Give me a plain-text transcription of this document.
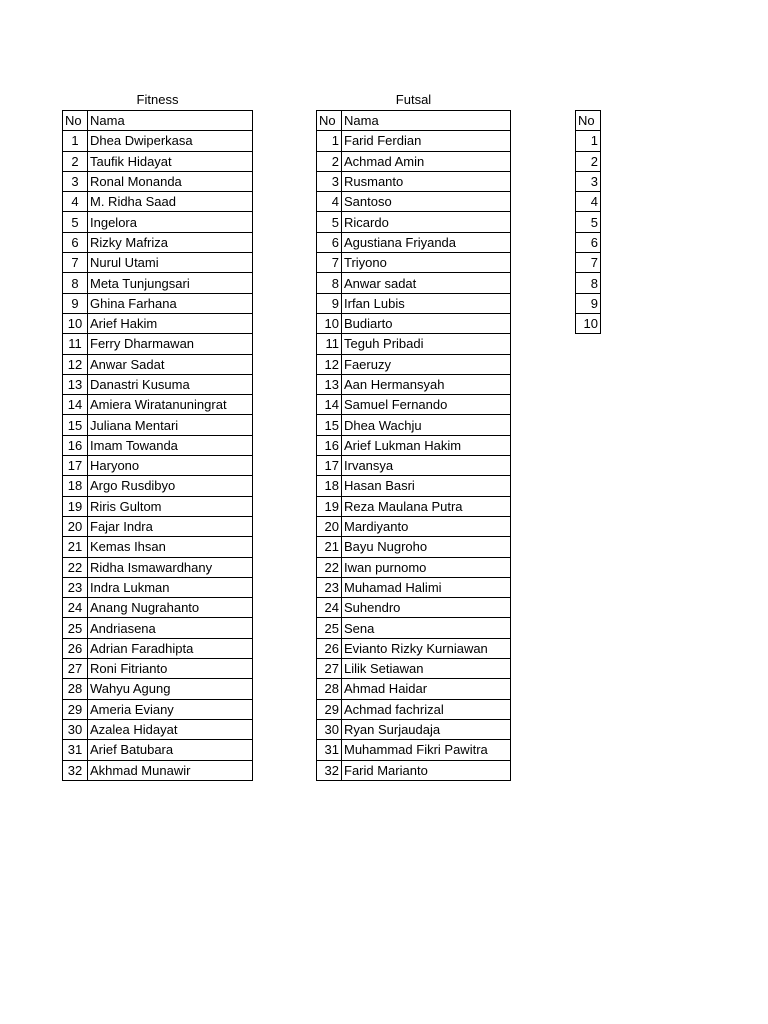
Fitness
No	Nama
1	Dhea Dwiperkasa
2	Taufik Hidayat
3	Ronal Monanda
4	M. Ridha Saad
5	Ingelora
6	Rizky Mafriza
7	Nurul Utami
8	Meta Tunjungsari
9	Ghina Farhana
10	Arief Hakim
11	Ferry Dharmawan
12	Anwar Sadat
13	Danastri Kusuma
14	Amiera Wiratanuningrat
15	Juliana Mentari
16	Imam Towanda
17	Haryono
18	Argo Rusdibyo
19	Riris Gultom
20	Fajar Indra
21	Kemas Ihsan
22	Ridha Ismawardhany
23	Indra Lukman
24	Anang Nugrahanto
25	Andriasena
26	Adrian Faradhipta
27	Roni Fitrianto
28	Wahyu Agung
29	Ameria Eviany
30	Azalea Hidayat
31	Arief Batubara
32	Akhmad Munawir
Futsal
No	Nama
1	Farid Ferdian
2	Achmad Amin
3	Rusmanto
4	Santoso
5	Ricardo
6	Agustiana Friyanda
7	Triyono
8	Anwar sadat
9	Irfan Lubis
10	Budiarto
11	Teguh Pribadi
12	Faeruzy
13	Aan Hermansyah
14	Samuel Fernando
15	Dhea Wachju
16	Arief Lukman Hakim
17	Irvansya
18	Hasan Basri
19	Reza Maulana Putra
20	Mardiyanto
21	Bayu Nugroho
22	Iwan purnomo
23	Muhamad Halimi
24	Suhendro
25	Sena
26	Evianto Rizky Kurniawan
27	Lilik Setiawan
28	Ahmad Haidar
29	Achmad fachrizal
30	Ryan Surjaudaja
31	Muhammad Fikri Pawitra
32	Farid Marianto
No
1
2
3
4
5
6
7
8
9
10
